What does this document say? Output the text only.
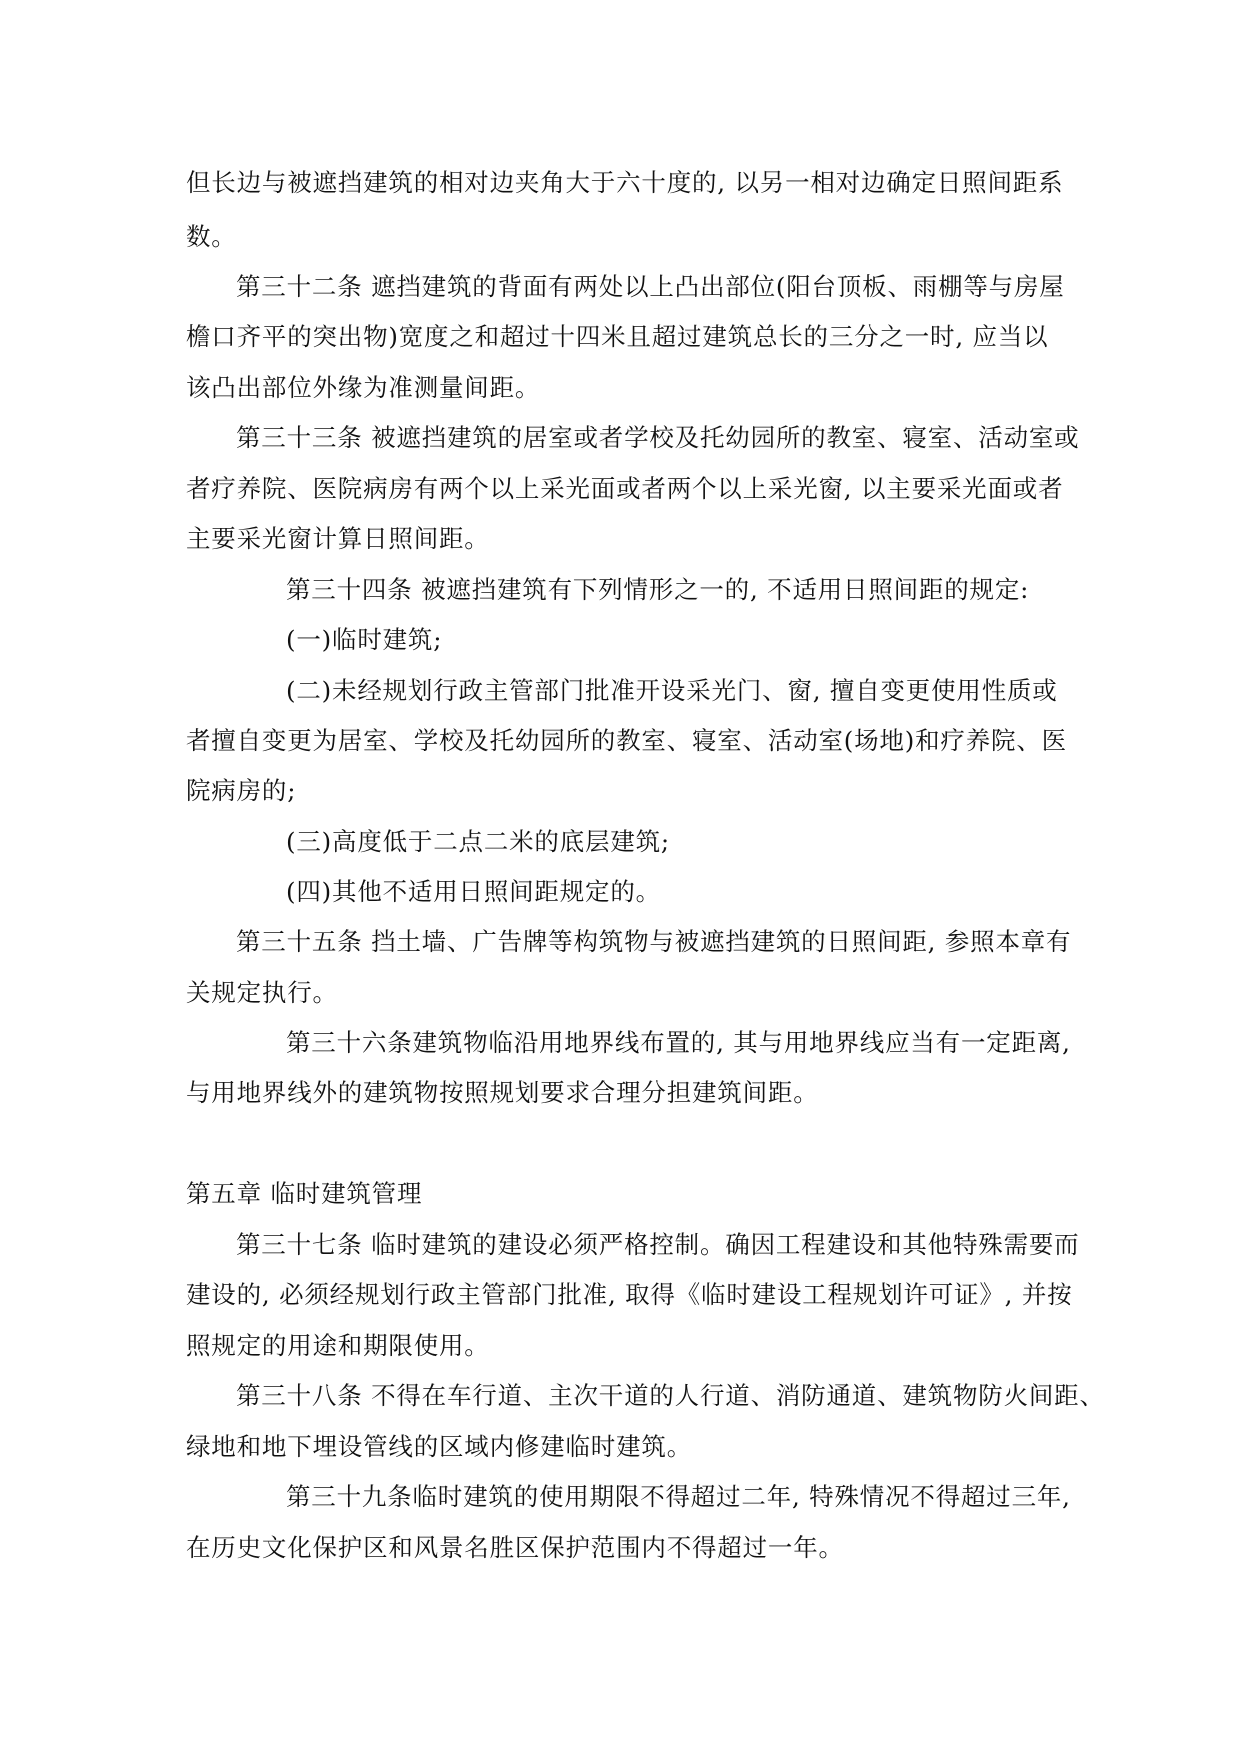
但长边与被遮挡建筑的相对边夹角大于六十度的, 以另一相对边确定日照间距系
数。
第三十二条 遮挡建筑的背面有两处以上凸出部位(阳台顶板、雨棚等与房屋
檐口齐平的突出物)宽度之和超过十四米且超过建筑总长的三分之一时, 应当以
该凸出部位外缘为准测量间距。
第三十三条 被遮挡建筑的居室或者学校及托幼园所的教室、寝室、活动室或
者疗养院、医院病房有两个以上采光面或者两个以上采光窗, 以主要采光面或者
主要采光窗计算日照间距。
第三十四条 被遮挡建筑有下列情形之一的, 不适用日照间距的规定:
(一)临时建筑;
(二)未经规划行政主管部门批准开设采光门、窗, 擅自变更使用性质或
者擅自变更为居室、学校及托幼园所的教室、寝室、活动室(场地)和疗养院、医
院病房的;
(三)高度低于二点二米的底层建筑;
(四)其他不适用日照间距规定的。
第三十五条 挡土墙、广告牌等构筑物与被遮挡建筑的日照间距, 参照本章有
关规定执行。
第三十六条建筑物临沿用地界线布置的, 其与用地界线应当有一定距离,
与用地界线外的建筑物按照规划要求合理分担建筑间距。
第五章 临时建筑管理
第三十七条 临时建筑的建设必须严格控制。确因工程建设和其他特殊需要而
建设的, 必须经规划行政主管部门批准, 取得《临时建设工程规划许可证》, 并按
照规定的用途和期限使用。
第三十八条 不得在车行道、主次干道的人行道、消防通道、建筑物防火间距、
绿地和地下埋设管线的区域内修建临时建筑。
第三十九条临时建筑的使用期限不得超过二年, 特殊情况不得超过三年,
在历史文化保护区和风景名胜区保护范围内不得超过一年。
